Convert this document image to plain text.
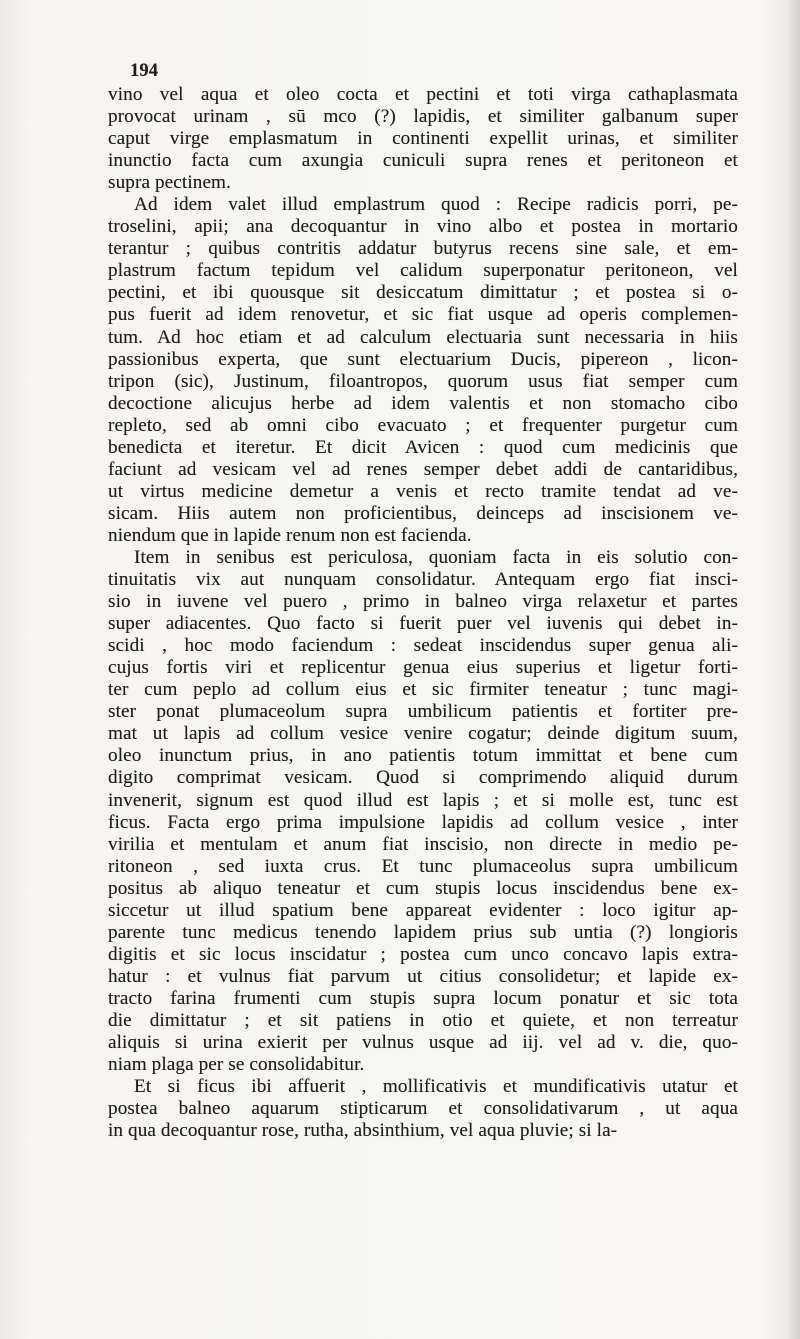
194

vino vel aqua et oleo cocta et pectini et toti virga cathaplasmata
provocat urinam , sū mco (?) lapidis, et similiter galbanum super
caput virge emplasmatum in continenti expellit urinas, et similiter
inunctio facta cum axungia cuniculi supra renes et peritoneon et
supra pectinem.

Ad idem valet illud emplastrum quod : Recipe radicis porri, pe-
troselini, apii; ana decoquantur in vino albo et postea in mortario
terantur ; quibus contritis addatur butyrus recens sine sale, et em-
plastrum factum tepidum vel calidum superponatur peritoneon, vel
pectini, et ibi quousque sit desiccatum dimittatur ; et postea si o-
pus fuerit ad idem renovetur, et sic fiat usque ad operis complemen-
tum. Ad hoc etiam et ad calculum electuaria sunt necessaria in hiis
passionibus experta, que sunt electuarium Ducis, pipereon , licon-
tripon (sic), Justinum, filoantropos, quorum usus fiat semper cum
decoctione alicujus herbe ad idem valentis et non stomacho cibo
repleto, sed ab omni cibo evacuato ; et frequenter purgetur cum
benedicta et iteretur. Et dicit Avicen : quod cum medicinis que
faciunt ad vesicam vel ad renes semper debet addi de cantaridibus,
ut virtus medicine demetur a venis et recto tramite tendat ad ve-
sicam. Hiis autem non proficientibus, deinceps ad inscisionem ve-
niendum que in lapide renum non est facienda.

Item in senibus est periculosa, quoniam facta in eis solutio con-
tinuitatis vix aut nunquam consolidatur. Antequam ergo fiat insci-
sio in iuvene vel puero , primo in balneo virga relaxetur et partes
super adiacentes. Quo facto si fuerit puer vel iuvenis qui debet in-
scidi , hoc modo faciendum : sedeat inscidendus super genua ali-
cujus fortis viri et replicentur genua eius superius et ligetur forti-
ter cum peplo ad collum eius et sic firmiter teneatur ; tunc magi-
ster ponat plumaceolum supra umbilicum patientis et fortiter pre-
mat ut lapis ad collum vesice venire cogatur; deinde digitum suum,
oleo inunctum prius, in ano patientis totum immittat et bene cum
digito comprimat vesicam. Quod si comprimendo aliquid durum
invenerit, signum est quod illud est lapis ; et si molle est, tunc est
ficus. Facta ergo prima impulsione lapidis ad collum vesice , inter
virilia et mentulam et anum fiat inscisio, non directe in medio pe-
ritoneon , sed iuxta crus. Et tunc plumaceolus supra umbilicum
positus ab aliquo teneatur et cum stupis locus inscidendus bene ex-
siccetur ut illud spatium bene appareat evidenter : loco igitur ap-
parente tunc medicus tenendo lapidem prius sub untia (?) longioris
digitis et sic locus inscidatur ; postea cum unco concavo lapis extra-
hatur : et vulnus fiat parvum ut citius consolidetur; et lapide ex-
tracto farina frumenti cum stupis supra locum ponatur et sic tota
die dimittatur ; et sit patiens in otio et quiete, et non terreatur
aliquis si urina exierit per vulnus usque ad iij. vel ad v. die, quo-
niam plaga per se consolidabitur.

Et si ficus ibi affuerit , mollificativis et mundificativis utatur et
postea balneo aquarum stipticarum et consolidativarum , ut aqua
in qua decoquantur rose, rutha, absinthium, vel aqua pluvie; si la-
